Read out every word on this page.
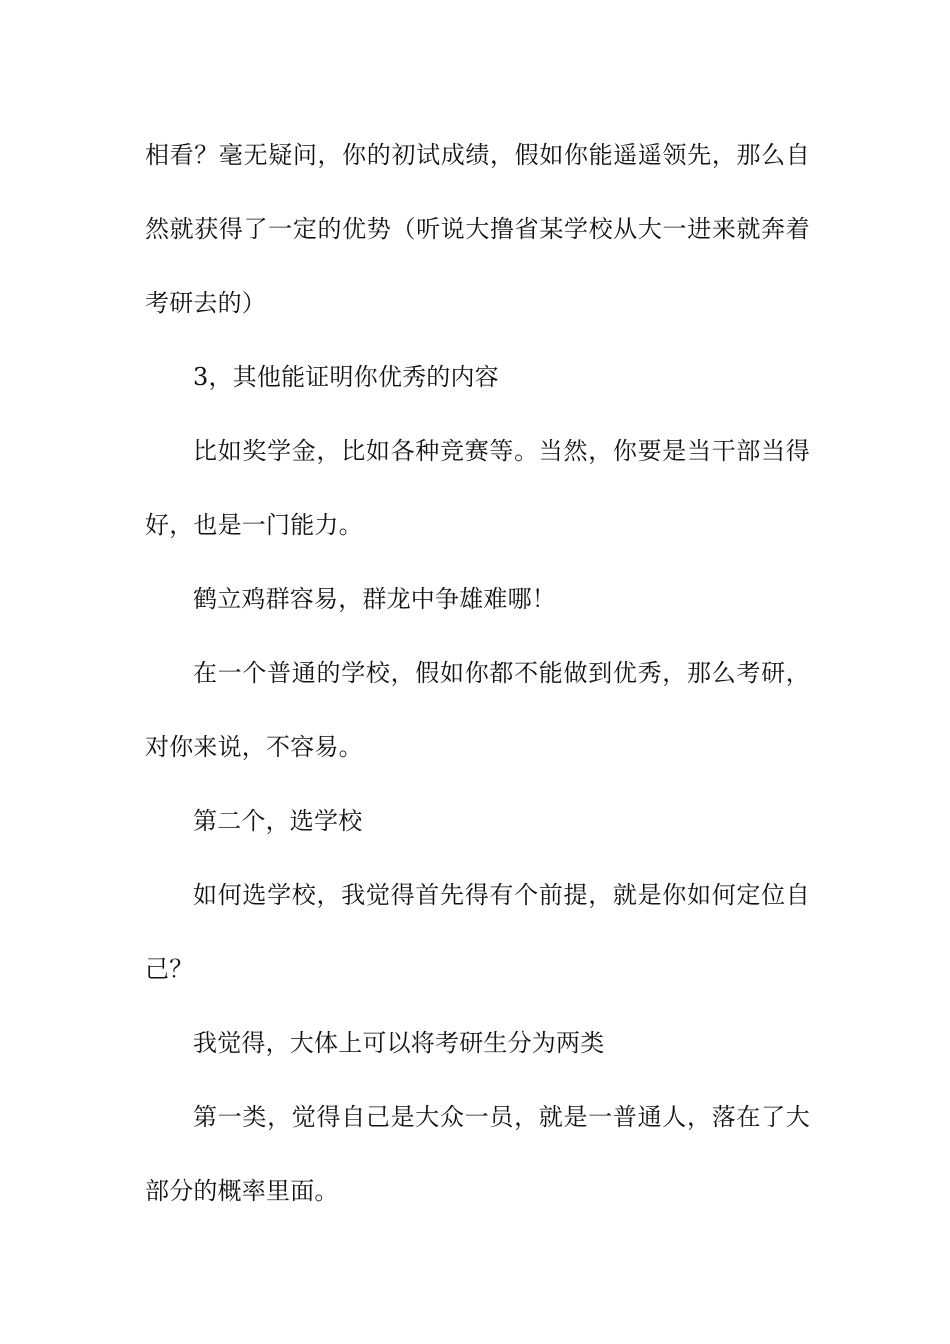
相看？毫无疑问，你的初试成绩，假如你能遥遥领先，那么自然就获得了一定的优势（听说大撸省某学校从大一进来就奔着考研去的）

3，其他能证明你优秀的内容

比如奖学金，比如各种竞赛等。当然，你要是当干部当得好，也是一门能力。

鹤立鸡群容易，群龙中争雄难哪！

在一个普通的学校，假如你都不能做到优秀，那么考研，对你来说，不容易。

第二个，选学校

如何选学校，我觉得首先得有个前提，就是你如何定位自己？

我觉得，大体上可以将考研生分为两类

第一类，觉得自己是大众一员，就是一普通人，落在了大部分的概率里面。
